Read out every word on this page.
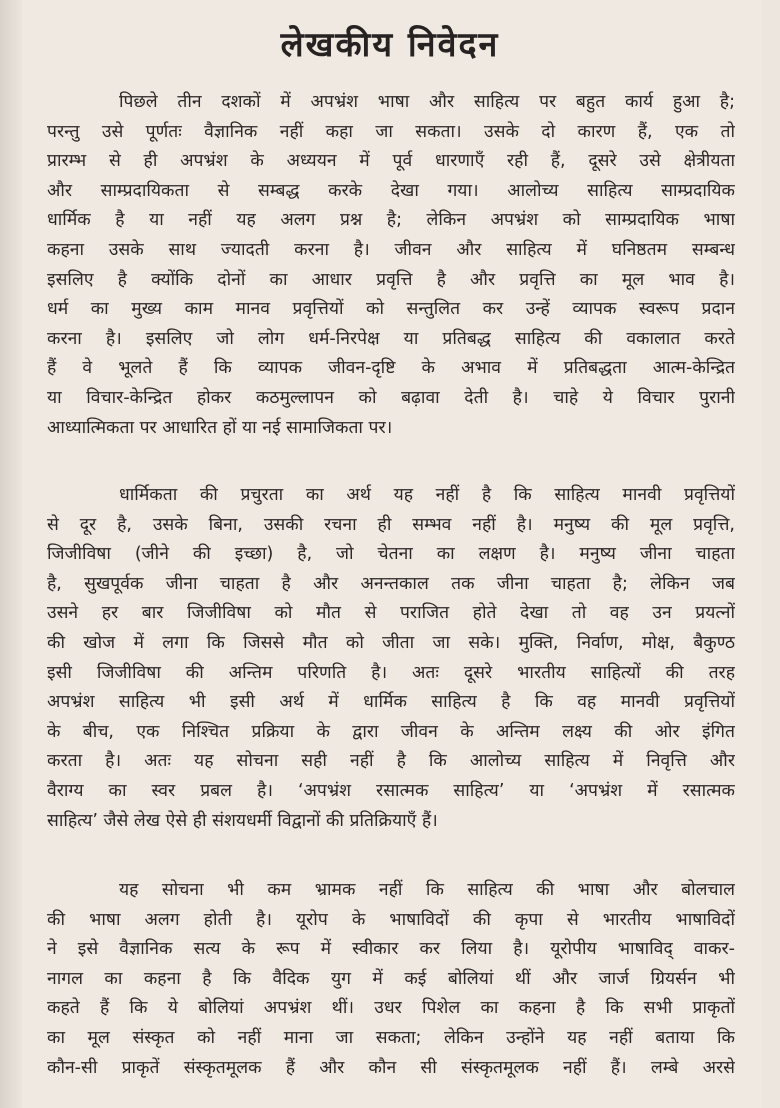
लेखकीय निवेदन
पिछले तीन दशकों में अपभ्रंश भाषा और साहित्य पर बहुत कार्य हुआ है;
परन्तु उसे पूर्णतः वैज्ञानिक नहीं कहा जा सकता। उसके दो कारण हैं, एक तो
प्रारम्भ से ही अपभ्रंश के अध्ययन में पूर्व धारणाएँ रही हैं, दूसरे उसे क्षेत्रीयता
और साम्प्रदायिकता से सम्बद्ध करके देखा गया। आलोच्य साहित्य साम्प्रदायिक
धार्मिक है या नहीं यह अलग प्रश्न है; लेकिन अपभ्रंश को साम्प्रदायिक भाषा
कहना उसके साथ ज्यादती करना है। जीवन और साहित्य में घनिष्ठतम सम्बन्ध
इसलिए है क्योंकि दोनों का आधार प्रवृत्ति है और प्रवृत्ति का मूल भाव है।
धर्म का मुख्य काम मानव प्रवृत्तियों को सन्तुलित कर उन्हें व्यापक स्वरूप प्रदान
करना है। इसलिए जो लोग धर्म-निरपेक्ष या प्रतिबद्ध साहित्य की वकालात करते
हैं वे भूलते हैं कि व्यापक जीवन-दृष्टि के अभाव में प्रतिबद्धता आत्म-केन्द्रित
या विचार-केन्द्रित होकर कठमुल्लापन को बढ़ावा देती है। चाहे ये विचार पुरानी
आध्यात्मिकता पर आधारित हों या नई सामाजिकता पर।
धार्मिकता की प्रचुरता का अर्थ यह नहीं है कि साहित्य मानवी प्रवृत्तियों
से दूर है, उसके बिना, उसकी रचना ही सम्भव नहीं है। मनुष्य की मूल प्रवृत्ति,
जिजीविषा (जीने की इच्छा) है, जो चेतना का लक्षण है। मनुष्य जीना चाहता
है, सुखपूर्वक जीना चाहता है और अनन्तकाल तक जीना चाहता है; लेकिन जब
उसने हर बार जिजीविषा को मौत से पराजित होते देखा तो वह उन प्रयत्नों
की खोज में लगा कि जिससे मौत को जीता जा सके। मुक्ति, निर्वाण, मोक्ष, बैकुण्ठ
इसी जिजीविषा की अन्तिम परिणति है। अतः दूसरे भारतीय साहित्यों की तरह
अपभ्रंश साहित्य भी इसी अर्थ में धार्मिक साहित्य है कि वह मानवी प्रवृत्तियों
के बीच, एक निश्चित प्रक्रिया के द्वारा जीवन के अन्तिम लक्ष्य की ओर इंगित
करता है। अतः यह सोचना सही नहीं है कि आलोच्य साहित्य में निवृत्ति और
वैराग्य का स्वर प्रबल है। ‘अपभ्रंश रसात्मक साहित्य’ या ‘अपभ्रंश में रसात्मक
साहित्य’ जैसे लेख ऐसे ही संशयधर्मी विद्वानों की प्रतिक्रियाएँ हैं।
यह सोचना भी कम भ्रामक नहीं कि साहित्य की भाषा और बोलचाल
की भाषा अलग होती है। यूरोप के भाषाविदों की कृपा से भारतीय भाषाविदों
ने इसे वैज्ञानिक सत्य के रूप में स्वीकार कर लिया है। यूरोपीय भाषाविद् वाकर-
नागल का कहना है कि वैदिक युग में कई बोलियां थीं और जार्ज ग्रियर्सन भी
कहते हैं कि ये बोलियां अपभ्रंश थीं। उधर पिशेल का कहना है कि सभी प्राकृतों
का मूल संस्कृत को नहीं माना जा सकता; लेकिन उन्होंने यह नहीं बताया कि
कौन-सी प्राकृतें संस्कृतमूलक हैं और कौन सी संस्कृतमूलक नहीं हैं। लम्बे अरसे
